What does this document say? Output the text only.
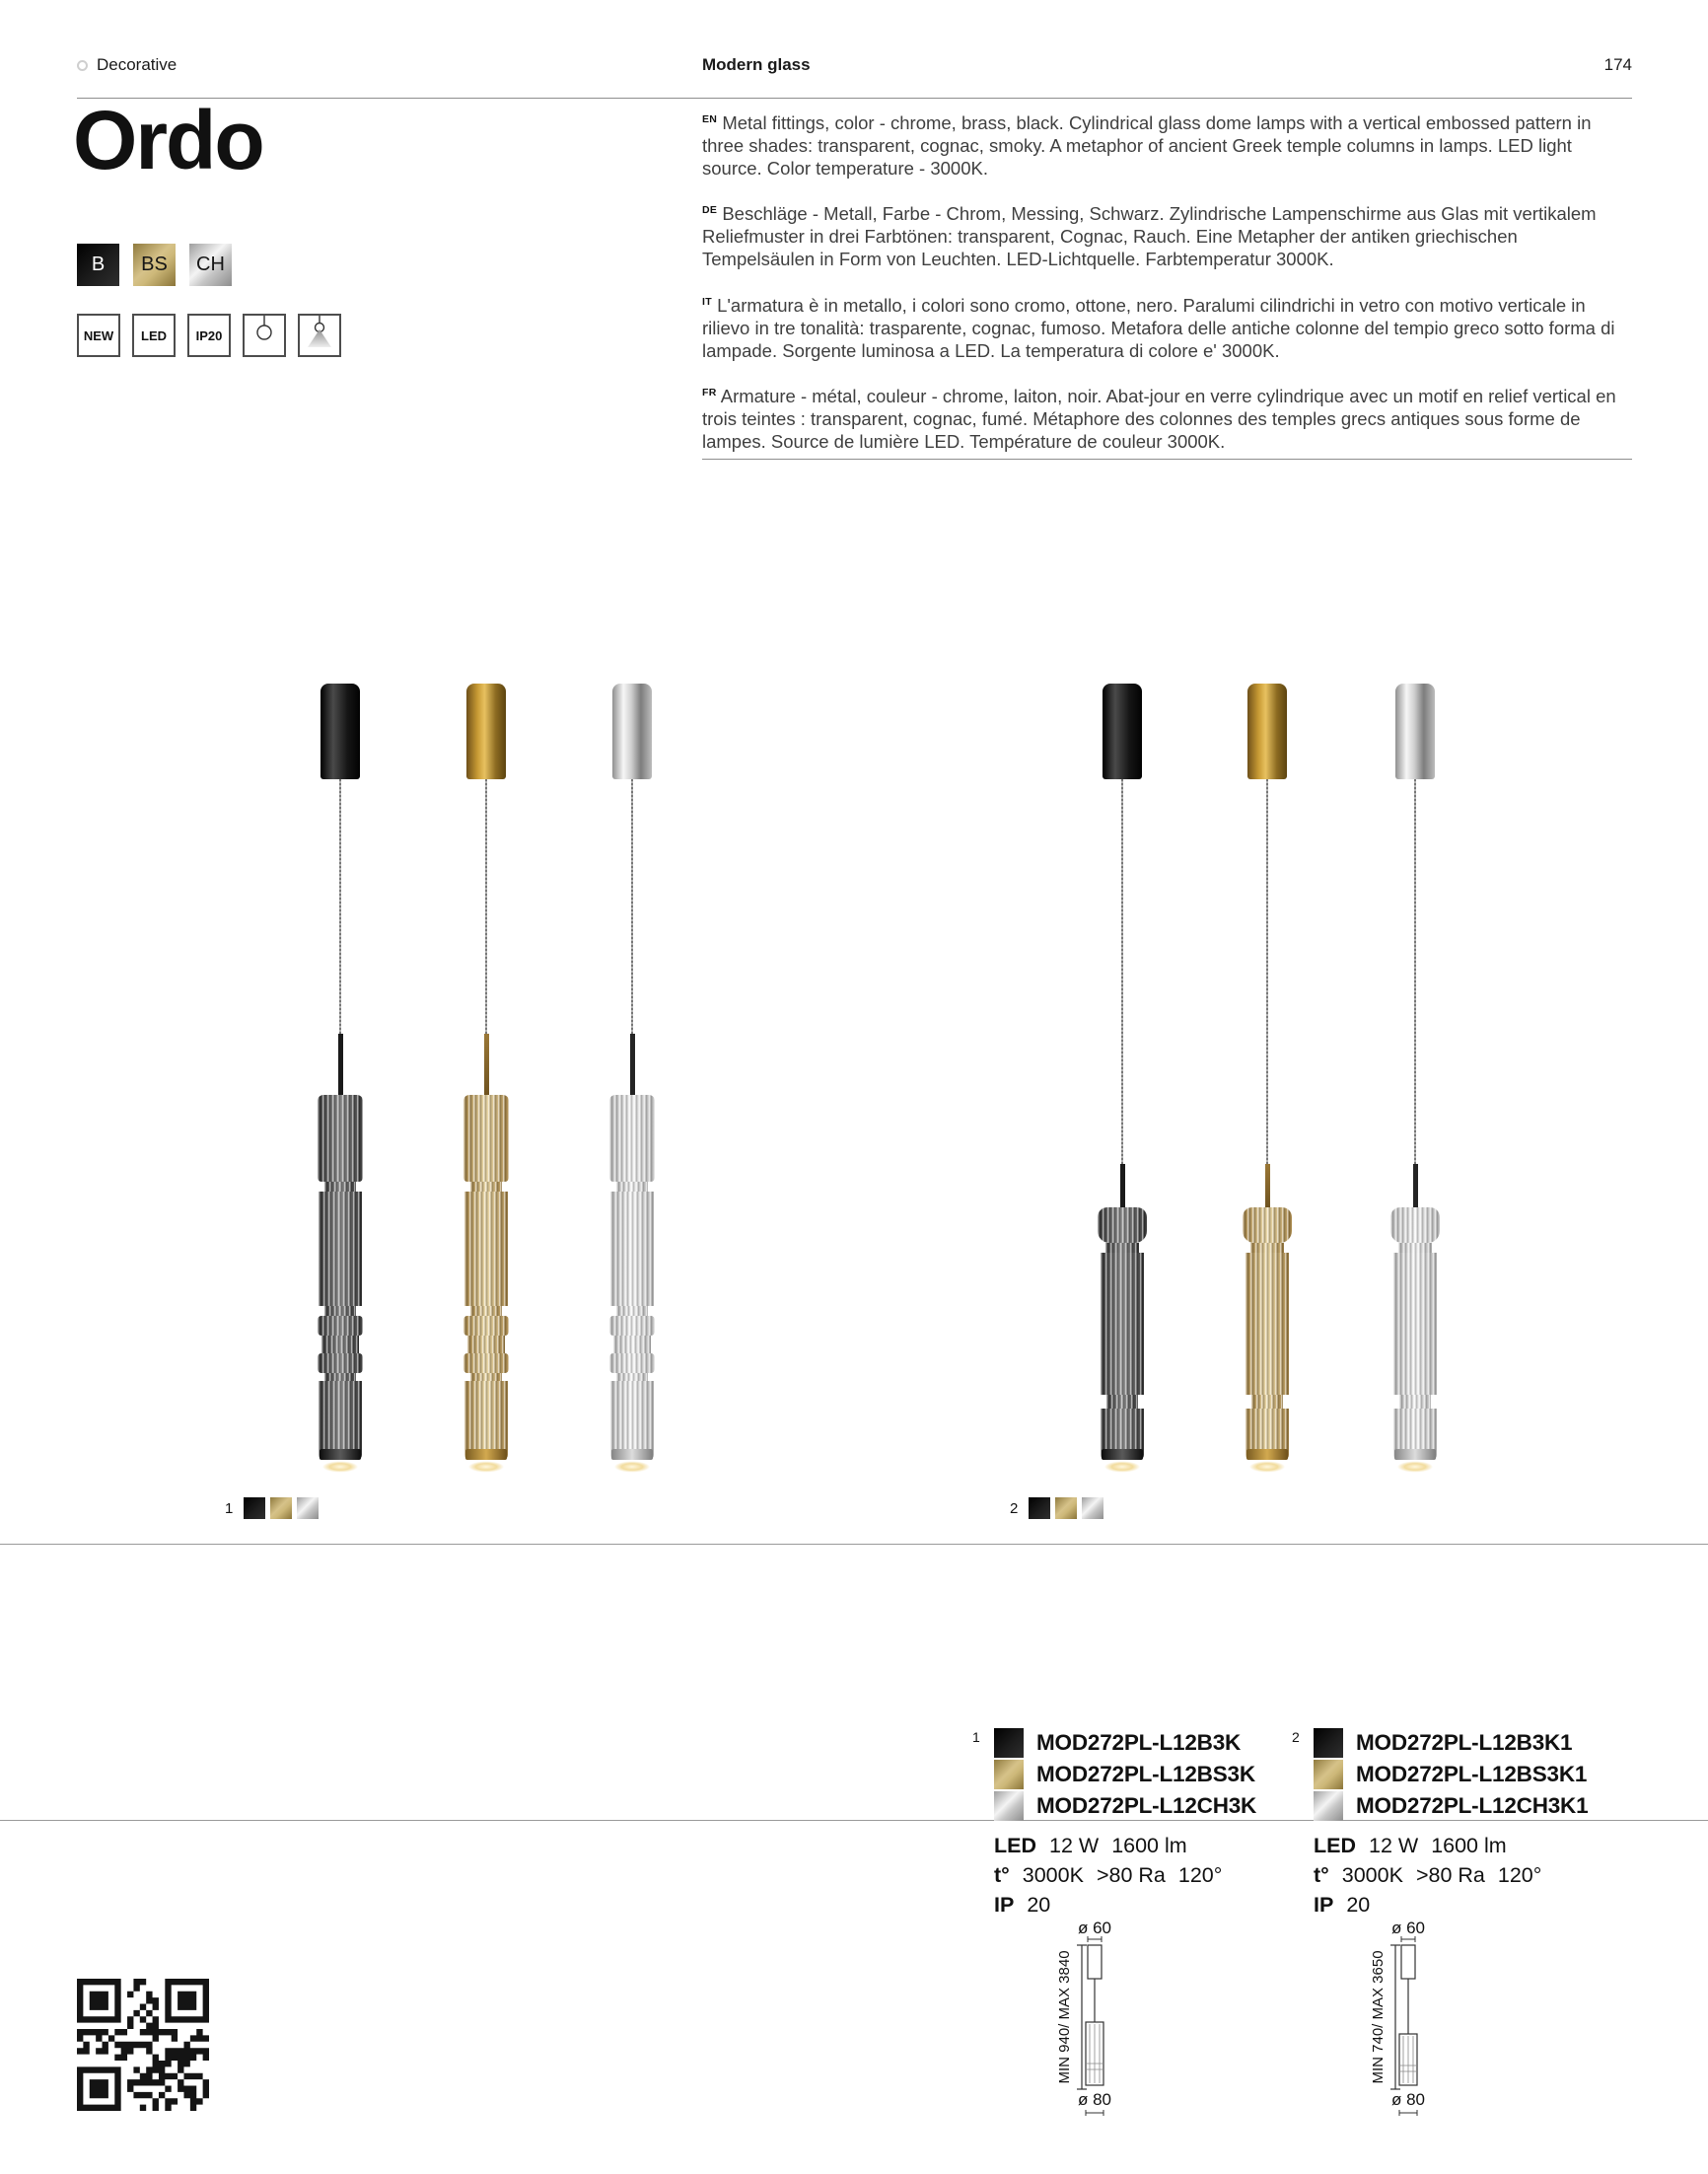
Decorative	Modern glass	174
Ordo
B BS CH
NEW	LED	IP20

$^{EN}$ Metal fittings, color - chrome, brass, black. Cylindrical glass dome lamps with a vertical embossed pattern in three shades: transparent, cognac, smoky. A metaphor of ancient Greek temple columns in lamps. LED light source. Color temperature - 3000K.

$^{DE}$ Beschläge - Metall, Farbe - Chrom, Messing, Schwarz. Zylindrische Lampenschirme aus Glas mit vertikalem Reliefmuster in drei Farbtönen: transparent, Cognac, Rauch. Eine Metapher der antiken griechischen Tempelsäulen in Form von Leuchten. LED-Lichtquelle. Farbtemperatur 3000K.

$^{IT}$ L'armatura è in metallo, i colori sono cromo, ottone, nero. Paralumi cilindrichi in vetro con motivo verticale in rilievo in tre tonalità: trasparente, cognac, fumoso. Metafora delle antiche colonne del tempio greco sotto forma di lampade. Sorgente luminosa a LED. La temperatura di colore e' 3000K.

$^{FR}$ Armature - métal, couleur - chrome, laiton, noir. Abat-jour en verre cylindrique avec un motif en relief vertical en trois teintes : transparent, cognac, fumé. Métaphore des colonnes des temples grecs antiques sous forme de lampes. Source de lumière LED. Température de couleur 3000K.

1	2
1	MOD272PL-L12B3K
MOD272PL-L12BS3K
MOD272PL-L12CH3K
2	MOD272PL-L12B3K1
MOD272PL-L12BS3K1
MOD272PL-L12CH3K1
LED 12 W 1600 lm
t° 3000K >80 Ra 120°
IP 20
LED 12 W 1600 lm
t° 3000K >80 Ra 120°
IP 20
ø 60
MIN 940/ MAX 3840
ø 80
ø 60
MIN 740/ MAX 3650
ø 80
